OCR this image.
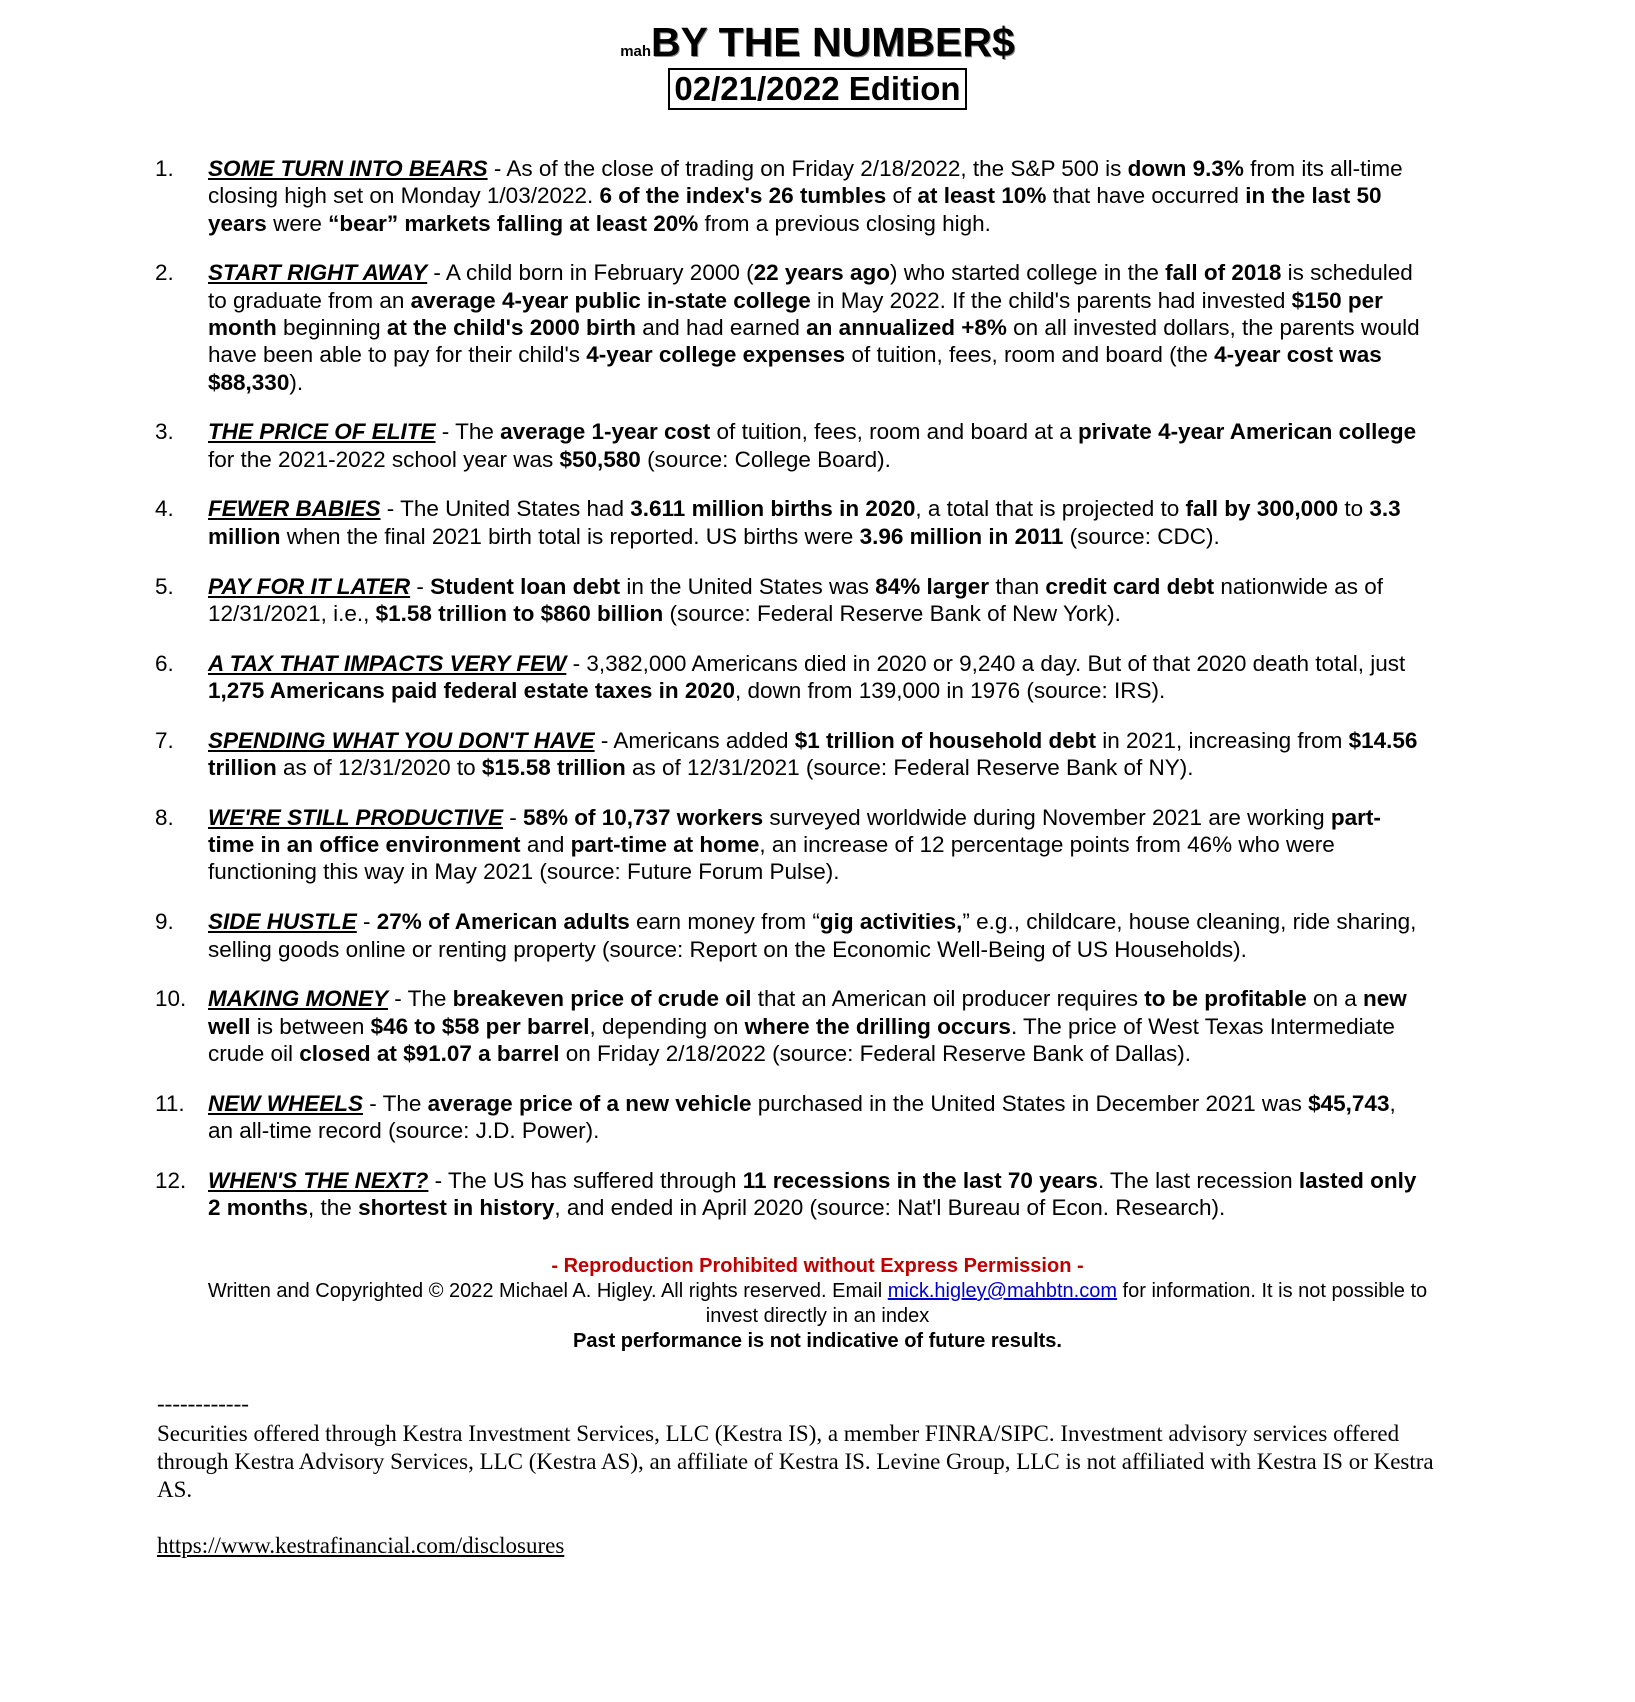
mahBY THE NUMBER$
02/21/2022 Edition
1.	SOME TURN INTO BEARS - As of the close of trading on Friday 2/18/2022, the S&P 500 is down 9.3% from its all-time closing high set on Monday 1/03/2022. 6 of the index's 26 tumbles of at least 10% that have occurred in the last 50 years were “bear” markets falling at least 20% from a previous closing high.
2.	START RIGHT AWAY - A child born in February 2000 (22 years ago) who started college in the fall of 2018 is scheduled to graduate from an average 4-year public in-state college in May 2022. If the child's parents had invested $150 per month beginning at the child's 2000 birth and had earned an annualized +8% on all invested dollars, the parents would have been able to pay for their child's 4-year college expenses of tuition, fees, room and board (the 4-year cost was $88,330).
3.	THE PRICE OF ELITE - The average 1-year cost of tuition, fees, room and board at a private 4-year American college for the 2021-2022 school year was $50,580 (source: College Board).
4.	FEWER BABIES - The United States had 3.611 million births in 2020, a total that is projected to fall by 300,000 to 3.3 million when the final 2021 birth total is reported. US births were 3.96 million in 2011 (source: CDC).
5.	PAY FOR IT LATER - Student loan debt in the United States was 84% larger than credit card debt nationwide as of 12/31/2021, i.e., $1.58 trillion to $860 billion (source: Federal Reserve Bank of New York).
6.	A TAX THAT IMPACTS VERY FEW - 3,382,000 Americans died in 2020 or 9,240 a day. But of that 2020 death total, just 1,275 Americans paid federal estate taxes in 2020, down from 139,000 in 1976 (source: IRS).
7.	SPENDING WHAT YOU DON'T HAVE - Americans added $1 trillion of household debt in 2021, increasing from $14.56 trillion as of 12/31/2020 to $15.58 trillion as of 12/31/2021 (source: Federal Reserve Bank of NY).
8.	WE'RE STILL PRODUCTIVE - 58% of 10,737 workers surveyed worldwide during November 2021 are working part-time in an office environment and part-time at home, an increase of 12 percentage points from 46% who were functioning this way in May 2021 (source: Future Forum Pulse).
9.	SIDE HUSTLE - 27% of American adults earn money from “gig activities,” e.g., childcare, house cleaning, ride sharing, selling goods online or renting property (source: Report on the Economic Well-Being of US Households).
10. MAKING MONEY - The breakeven price of crude oil that an American oil producer requires to be profitable on a new well is between $46 to $58 per barrel, depending on where the drilling occurs. The price of West Texas Intermediate crude oil closed at $91.07 a barrel on Friday 2/18/2022 (source: Federal Reserve Bank of Dallas).
11.	NEW WHEELS - The average price of a new vehicle purchased in the United States in December 2021 was $45,743, an all-time record (source: J.D. Power).
12. WHEN'S THE NEXT? - The US has suffered through 11 recessions in the last 70 years. The last recession lasted only 2 months, the shortest in history, and ended in April 2020 (source: Nat'l Bureau of Econ. Research).
- Reproduction Prohibited without Express Permission -
Written and Copyrighted © 2022 Michael A. Higley. All rights reserved. Email mick.higley@mahbtn.com for information. It is not possible to invest directly in an index
Past performance is not indicative of future results.
------------
Securities offered through Kestra Investment Services, LLC (Kestra IS), a member FINRA/SIPC. Investment advisory services offered through Kestra Advisory Services, LLC (Kestra AS), an affiliate of Kestra IS. Levine Group, LLC is not affiliated with Kestra IS or Kestra AS.
https://www.kestrafinancial.com/disclosures
